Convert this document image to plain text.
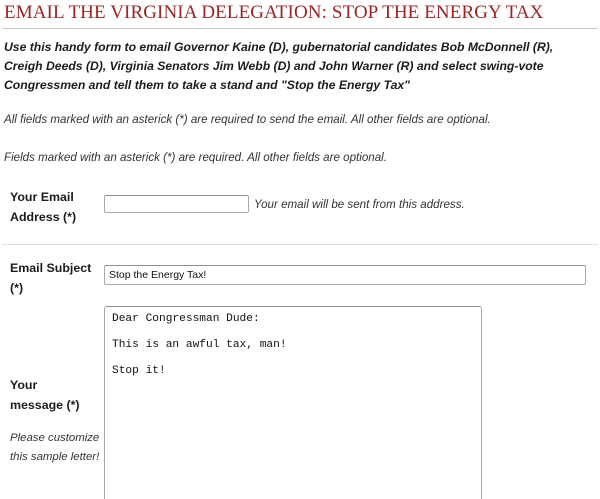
EMAIL THE VIRGINIA DELEGATION: STOP THE ENERGY TAX
Use this handy form to email Governor Kaine (D), gubernatorial candidates Bob McDonnell (R), Creigh Deeds (D), Virginia Senators Jim Webb (D) and John Warner (R) and select swing-vote Congressmen and tell them to take a stand and "Stop the Energy Tax"
All fields marked with an asterick (*) are required to send the email. All other fields are optional.
Fields marked with an asterick (*) are required. All other fields are optional.
Your Email Address (*)
Your email will be sent from this address.
Email Subject (*)
Stop the Energy Tax!
Your message (*)
Please customize this sample letter!
Dear Congressman Dude:
This is an awful tax, man!
Stop it!
